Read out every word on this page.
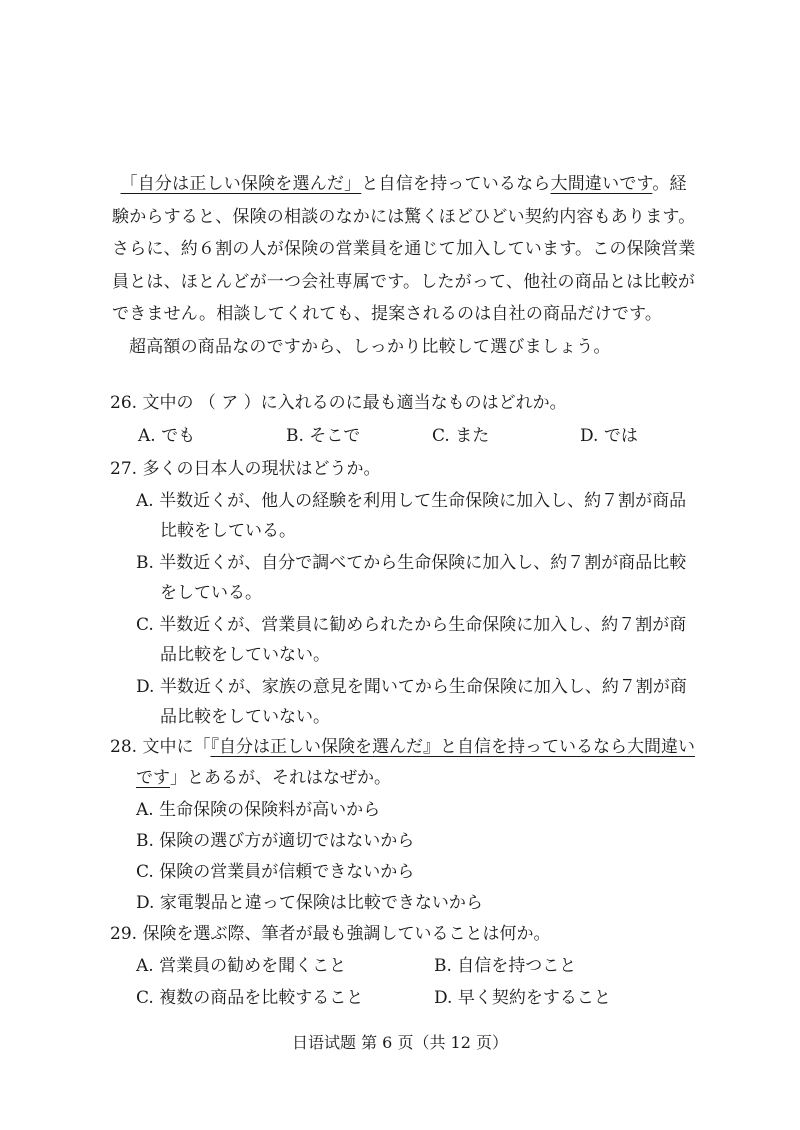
「自分は正しい保険を選んだ」と自信を持っているなら大間違いです。経験からすると、保険の相談のなかには驚くほどひどい契約内容もあります。さらに、約６割の人が保険の営業員を通じて加入しています。この保険営業員とは、ほとんどが一つ会社専属です。したがって、他社の商品とは比較ができません。相談してくれても、提案されるのは自社の商品だけです。

超高額の商品なのですから、しっかり比較して選びましょう。

26. 文中の （ ア ）に入れるのに最も適当なものはどれか。
A. でも	B. そこで	C. また	D. では
27. 多くの日本人の現状はどうか。
A. 半数近くが、他人の経験を利用して生命保険に加入し、約７割が商品
比較をしている。
B. 半数近くが、自分で調べてから生命保険に加入し、約７割が商品比較
をしている。
C. 半数近くが、営業員に勧められたから生命保険に加入し、約７割が商
品比較をしていない。
D. 半数近くが、家族の意見を聞いてから生命保険に加入し、約７割が商
品比較をしていない。
28. 文中に「『自分は正しい保険を選んだ』と自信を持っているなら大間違い
です」とあるが、それはなぜか。
A. 生命保険の保険料が高いから
B. 保険の選び方が適切ではないから
C. 保険の営業員が信頼できないから
D. 家電製品と違って保険は比較できないから
29. 保険を選ぶ際、筆者が最も強調していることは何か。
A. 営業員の勧めを聞くこと	B. 自信を持つこと
C. 複数の商品を比較すること	D. 早く契約をすること
日语试题 第 6 页（共 12 页）
